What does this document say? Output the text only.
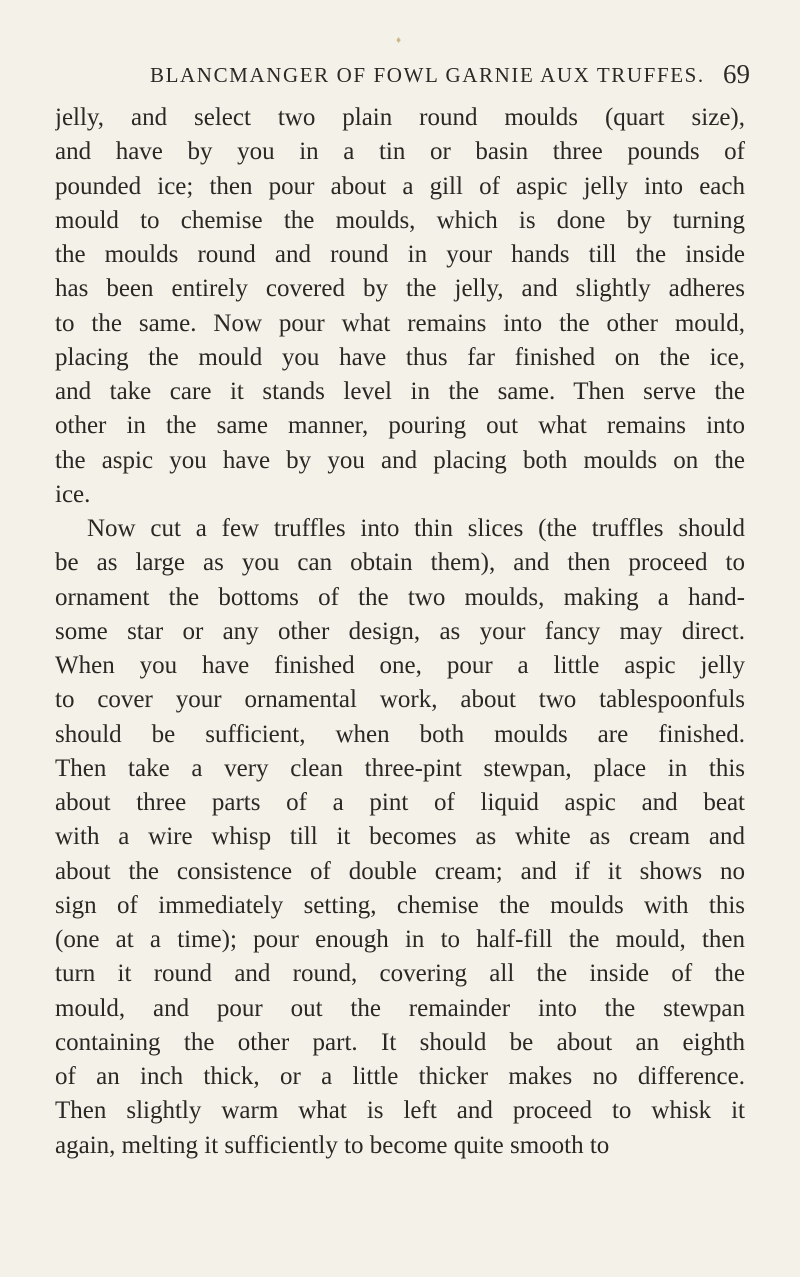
♦
BLANCMANGER OF FOWL GARNIE AUX TRUFFES. 69
jelly, and select two plain round moulds (quart size),
and have by you in a tin or basin three pounds of
pounded ice; then pour about a gill of aspic jelly into each
mould to chemise the moulds, which is done by turning
the moulds round and round in your hands till the inside
has been entirely covered by the jelly, and slightly adheres
to the same. Now pour what remains into the other mould,
placing the mould you have thus far finished on the ice,
and take care it stands level in the same. Then serve the
other in the same manner, pouring out what remains into
the aspic you have by you and placing both moulds on the
ice.
Now cut a few truffles into thin slices (the truffles should
be as large as you can obtain them), and then proceed to
ornament the bottoms of the two moulds, making a hand-
some star or any other design, as your fancy may direct.
When you have finished one, pour a little aspic jelly
to cover your ornamental work, about two tablespoonfuls
should be sufficient, when both moulds are finished.
Then take a very clean three-pint stewpan, place in this
about three parts of a pint of liquid aspic and beat
with a wire whisp till it becomes as white as cream and
about the consistence of double cream; and if it shows no
sign of immediately setting, chemise the moulds with this
(one at a time); pour enough in to half-fill the mould, then
turn it round and round, covering all the inside of the
mould, and pour out the remainder into the stewpan
containing the other part. It should be about an eighth
of an inch thick, or a little thicker makes no difference.
Then slightly warm what is left and proceed to whisk it
again, melting it sufficiently to become quite smooth to
